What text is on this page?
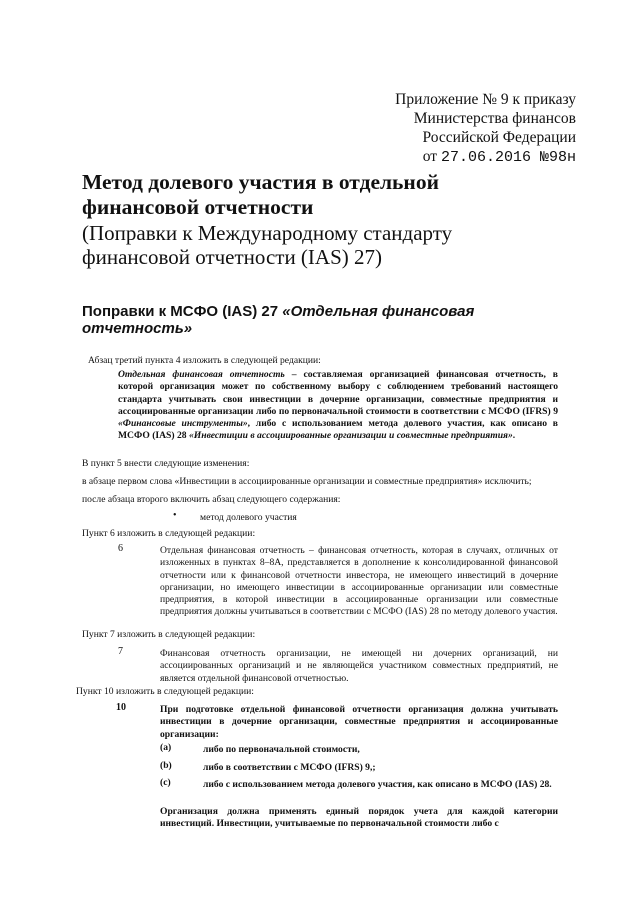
Приложение № 9 к приказу
Министерства финансов
Российской Федерации
от 27.06.2016 №98н
Метод долевого участия в отдельной финансовой отчетности
(Поправки к Международному стандарту финансовой отчетности (IAS) 27)
Поправки к МСФО (IAS) 27 «Отдельная финансовая отчетность»
Абзац третий пункта 4 изложить в следующей редакции:
Отдельная финансовая отчетность – составляемая организацией финансовая отчетность, в которой организация может по собственному выбору с соблюдением требований настоящего стандарта учитывать свои инвестиции в дочерние организации, совместные предприятия и ассоциированные организации либо по первоначальной стоимости в соответствии с МСФО (IFRS) 9 «Финансовые инструменты», либо с использованием метода долевого участия, как описано в МСФО (IAS) 28 «Инвестиции в ассоциированные организации и совместные предприятия».
В пункт 5 внести следующие изменения:
в абзаце первом слова «Инвестиции в ассоциированные организации и совместные предприятия» исключить;
после абзаца второго включить абзац следующего содержания:
• метод долевого участия
Пункт 6 изложить в следующей редакции:
6	Отдельная финансовая отчетность – финансовая отчетность, которая в случаях, отличных от изложенных в пунктах 8–8А, представляется в дополнение к консолидированной финансовой отчетности или к финансовой отчетности инвестора, не имеющего инвестиций в дочерние организации, но имеющего инвестиции в ассоциированные организации или совместные предприятия, в которой инвестиции в ассоциированные организации или совместные предприятия должны учитываться в соответствии с МСФО (IAS) 28 по методу долевого участия.
Пункт 7 изложить в следующей редакции:
7	Финансовая отчетность организации, не имеющей ни дочерних организаций, ни ассоциированных организаций и не являющейся участником совместных предприятий, не является отдельной финансовой отчетностью.
Пункт 10 изложить в следующей редакции:
10	При подготовке отдельной финансовой отчетности организация должна учитывать инвестиции в дочерние организации, совместные предприятия и ассоциированные организации:
(a)	либо по первоначальной стоимости,
(b)	либо в соответствии с МСФО (IFRS) 9,;
(c)	либо с использованием метода долевого участия, как описано в МСФО (IAS) 28.
Организация должна применять единый порядок учета для каждой категории инвестиций. Инвестиции, учитываемые по первоначальной стоимости либо с
